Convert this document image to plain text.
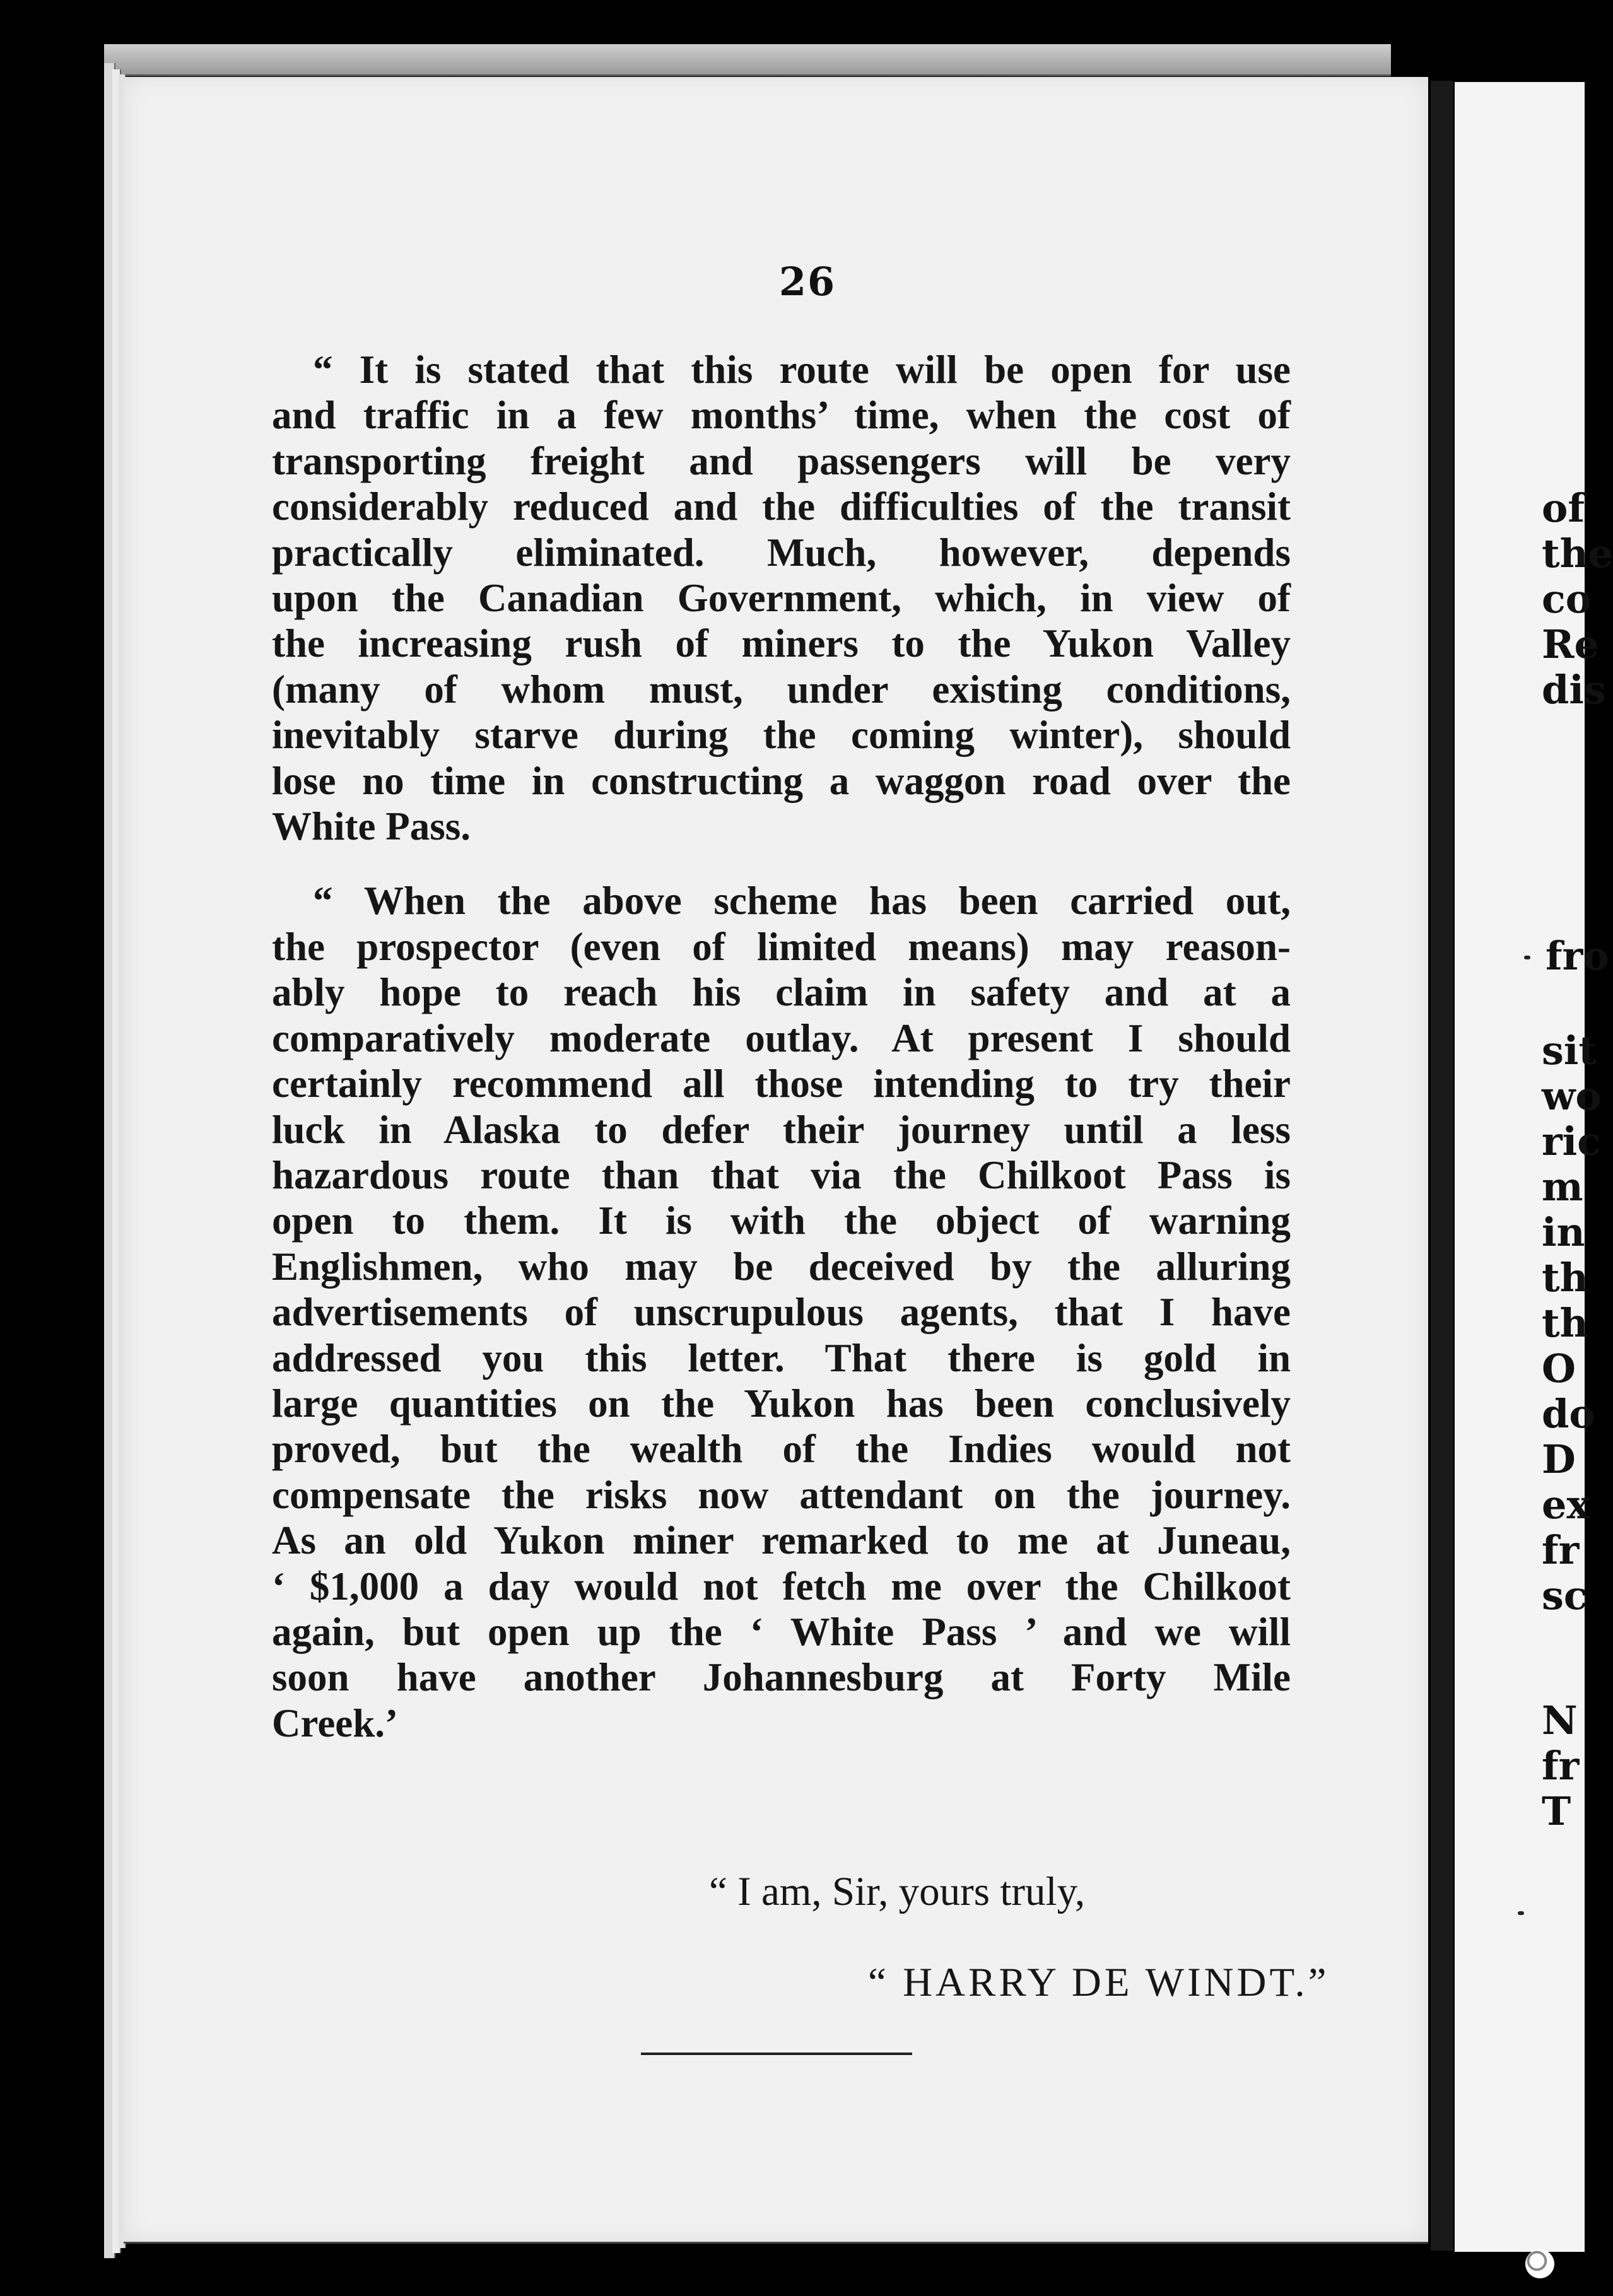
26

“ It is stated that this route will be open for use
and traffic in a few months’ time, when the cost of
transporting freight and passengers will be very
considerably reduced and the difficulties of the transit
practically eliminated. Much, however, depends
upon the Canadian Government, which, in view of
the increasing rush of miners to the Yukon Valley
(many of whom must, under existing conditions,
inevitably starve during the coming winter), should
lose no time in constructing a waggon road over the
White Pass.

“ When the above scheme has been carried out,
the prospector (even of limited means) may reason-
ably hope to reach his claim in safety and at a
comparatively moderate outlay. At present I should
certainly recommend all those intending to try their
luck in Alaska to defer their journey until a less
hazardous route than that via the Chilkoot Pass is
open to them. It is with the object of warning
Englishmen, who may be deceived by the alluring
advertisements of unscrupulous agents, that I have
addressed you this letter. That there is gold in
large quantities on the Yukon has been conclusively
proved, but the wealth of the Indies would not
compensate the risks now attendant on the journey.
As an old Yukon miner remarked to me at Juneau,
‘ $1,000 a day would not fetch me over the Chilkoot
again, but open up the ‘ White Pass ’ and we will
soon have another Johannesburg at Forty Mile
Creek.’

“ I am, Sir, yours truly,
“ HARRY DE WINDT.”
of
the
co
Re
dis
fro
sit
wo
ric
m
in
th
th
O
do
D
ex
fr
sc
N
fr
T
